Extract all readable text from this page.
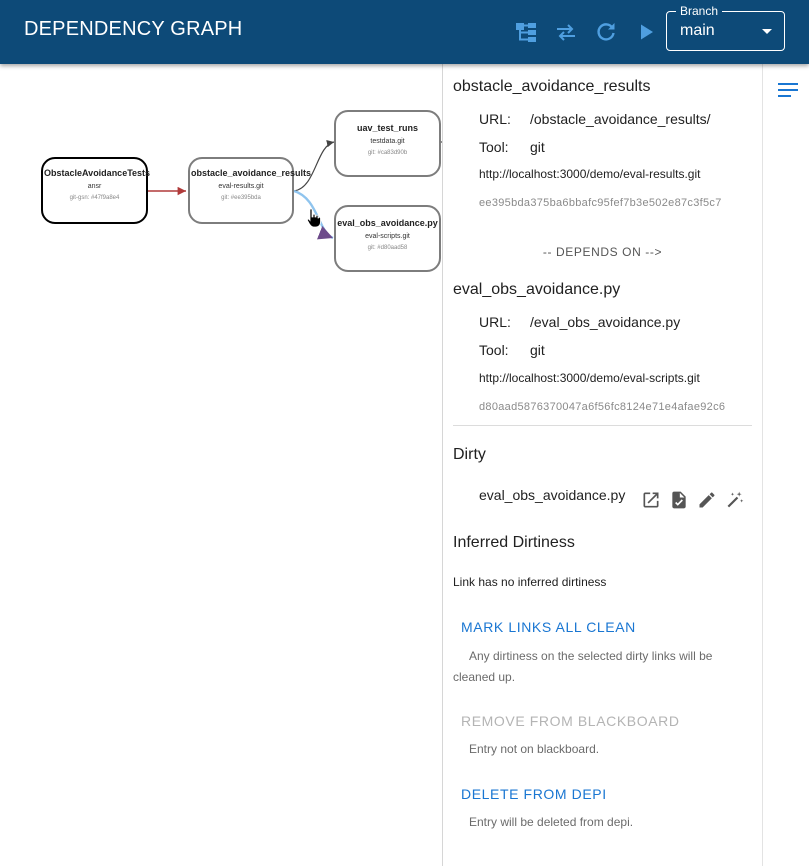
DEPENDENCY GRAPH
Branch
main
ObstacleAvoidanceTests
ansr
git-gsn: #47f9a8e4
obstacle_avoidance_results
eval-results.git
git: #ee395bda
uav_test_runs
testdata.git
git: #ca83d90b
eval_obs_avoidance.py
eval-scripts.git
git: #d80aad58
obstacle_avoidance_results
URL: /obstacle_avoidance_results/
Tool: git
http://localhost:3000/demo/eval-results.git
ee395bda375ba6bbafc95fef7b3e502e87c3f5c7
-- DEPENDS ON -->
eval_obs_avoidance.py
URL: /eval_obs_avoidance.py
Tool: git
http://localhost:3000/demo/eval-scripts.git
d80aad5876370047a6f56fc8124e71e4afae92c6
Dirty
eval_obs_avoidance.py
Inferred Dirtiness
Link has no inferred dirtiness
MARK LINKS ALL CLEAN
Any dirtiness on the selected dirty links will be cleaned up.
REMOVE FROM BLACKBOARD
Entry not on blackboard.
DELETE FROM DEPI
Entry will be deleted from depi.
